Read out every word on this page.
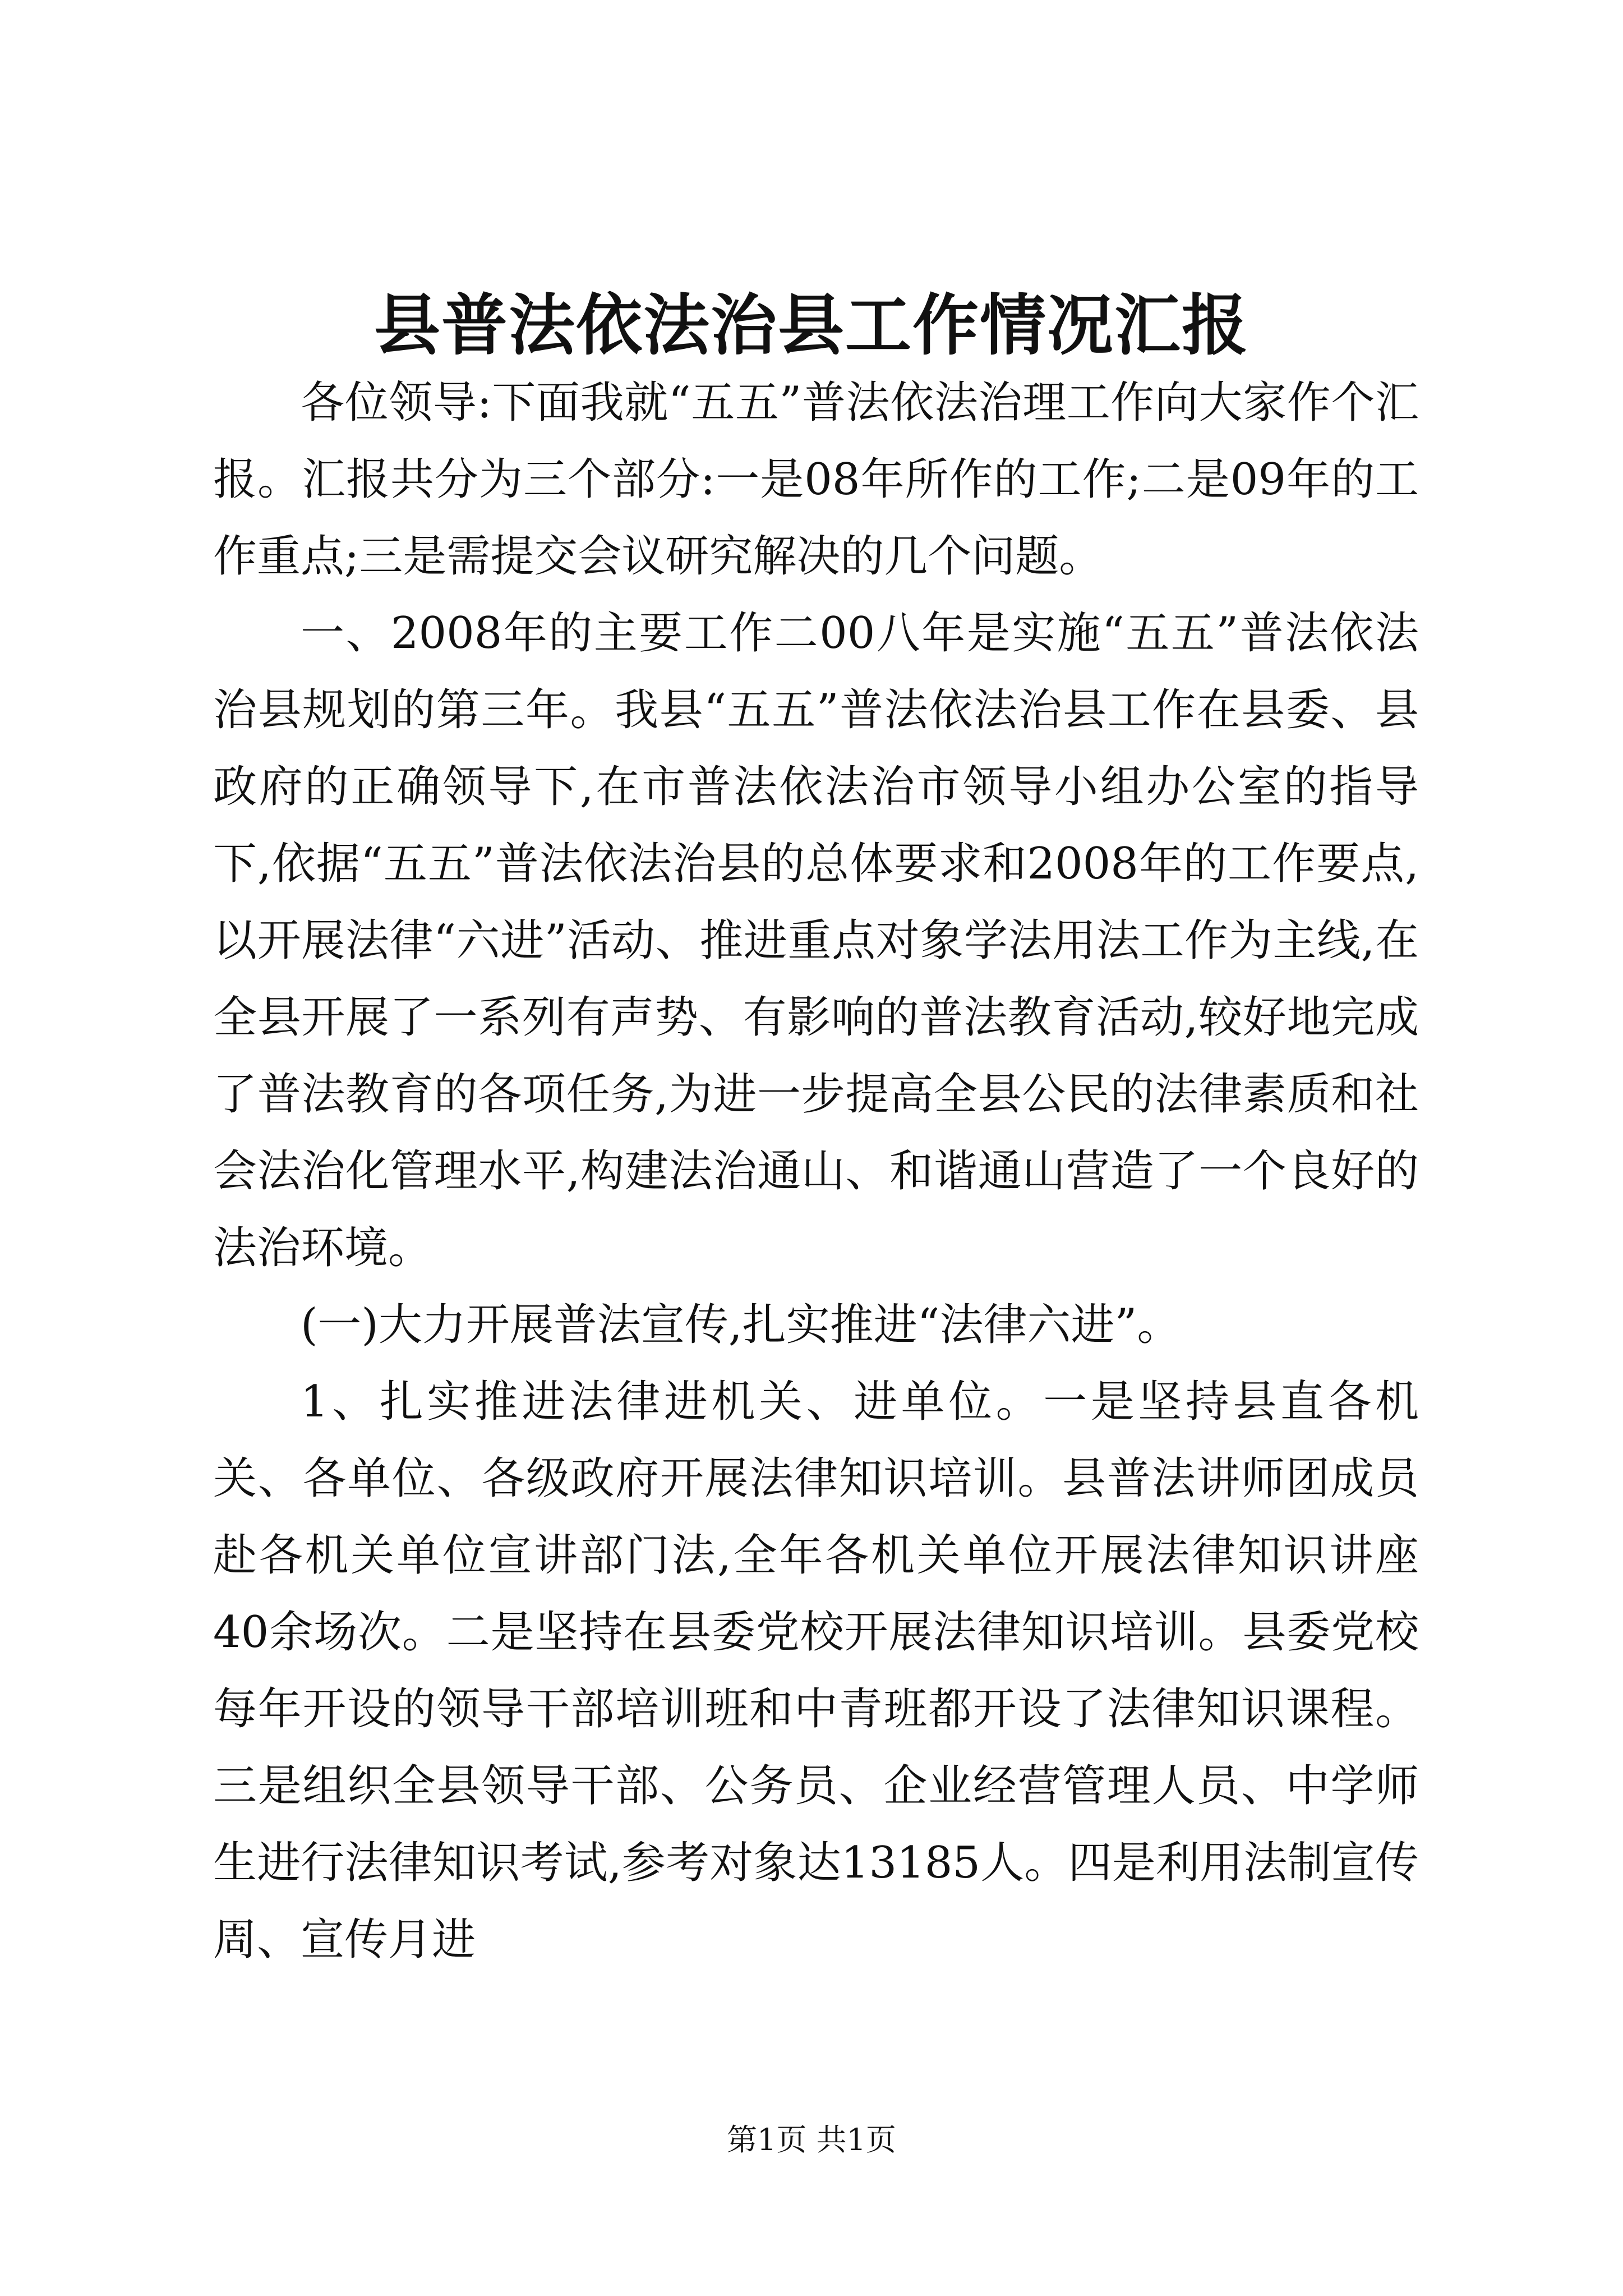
县普法依法治县工作情况汇报

各位领导:下面我就“五五”普法依法治理工作向大家作个汇报。汇报共分为三个部分:一是08年所作的工作;二是09年的工作重点;三是需提交会议研究解决的几个问题。

一、2008年的主要工作二00八年是实施“五五”普法依法治县规划的第三年。我县“五五”普法依法治县工作在县委、县政府的正确领导下,在市普法依法治市领导小组办公室的指导下,依据“五五”普法依法治县的总体要求和2008年的工作要点,以开展法律“六进”活动、推进重点对象学法用法工作为主线,在全县开展了一系列有声势、有影响的普法教育活动,较好地完成了普法教育的各项任务,为进一步提高全县公民的法律素质和社会法治化管理水平,构建法治通山、和谐通山营造了一个良好的法治环境。

(一)大力开展普法宣传,扎实推进“法律六进”。

1、扎实推进法律进机关、进单位。一是坚持县直各机关、各单位、各级政府开展法律知识培训。县普法讲师团成员赴各机关单位宣讲部门法,全年各机关单位开展法律知识讲座40余场次。二是坚持在县委党校开展法律知识培训。县委党校每年开设的领导干部培训班和中青班都开设了法律知识课程。三是组织全县领导干部、公务员、企业经营管理人员、中学师生进行法律知识考试,参考对象达13185人。四是利用法制宣传周、宣传月进

第1页 共1页
